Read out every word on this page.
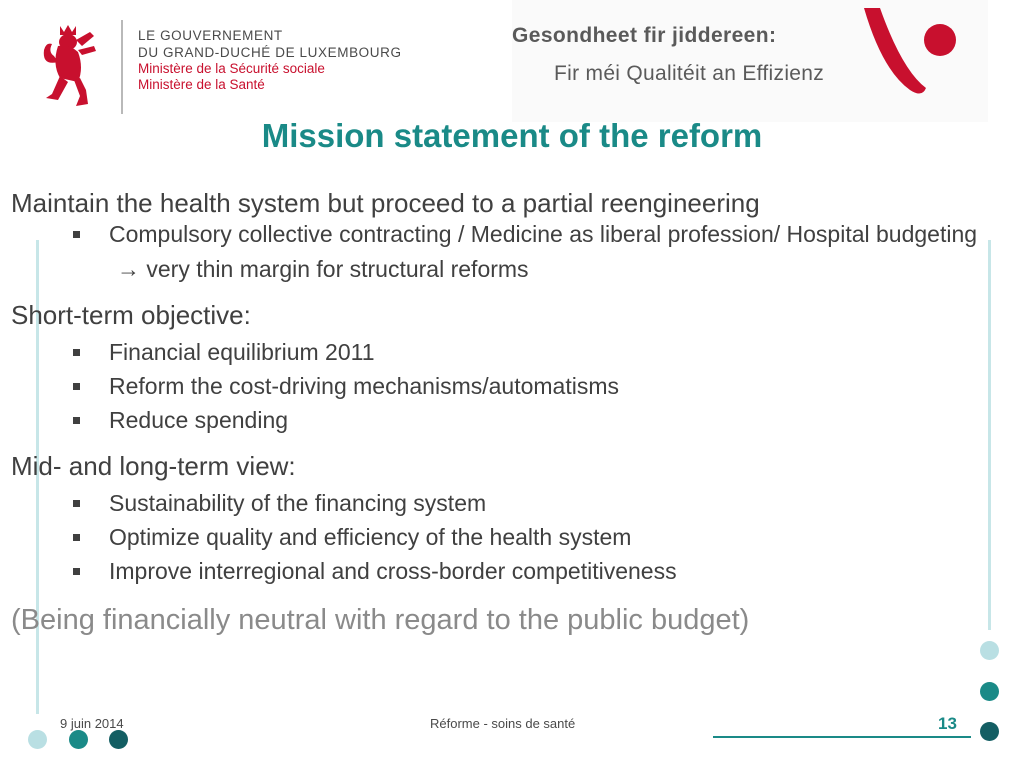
LE GOUVERNEMENT
DU GRAND-DUCHÉ DE LUXEMBOURG
Ministère de la Sécurité sociale
Ministère de la Santé
Gesondheet fir jiddereen:
Fir méi Qualitéit an Effizienz
Mission statement of the reform
Maintain the health system but proceed to a partial reengineering
Compulsory collective contracting / Medicine as liberal profession/ Hospital budgeting
→ very thin margin for structural reforms
Short-term objective:
Financial equilibrium 2011
Reform the cost-driving mechanisms/automatisms
Reduce spending
Mid- and long-term view:
Sustainability of the financing system
Optimize quality and efficiency of the health system
Improve interregional and cross-border competitiveness
(Being financially neutral with regard to the public budget)
9 juin 2014	Réforme - soins de santé	13
